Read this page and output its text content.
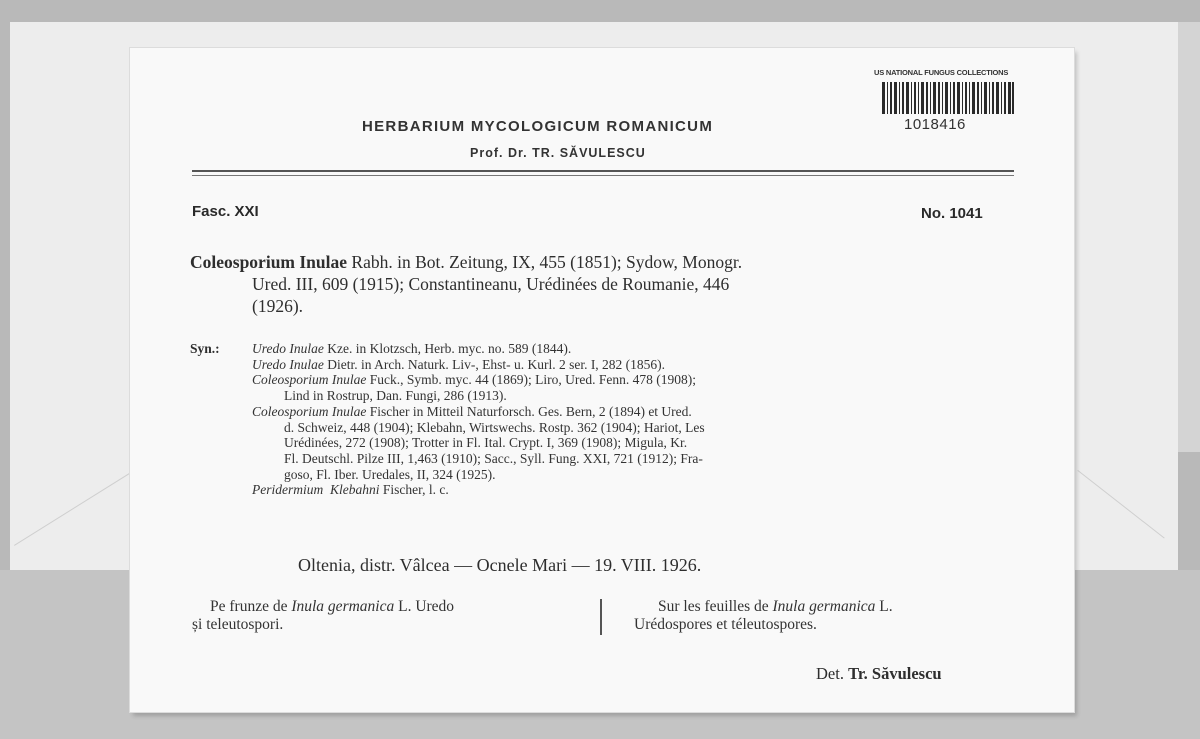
US NATIONAL FUNGUS COLLECTIONS
1018416
HERBARIUM MYCOLOGICUM ROMANICUM
Prof. Dr. TR. SĂVULESCU
Fasc. XXI	No. 1041
Coleosporium Inulae Rabh. in Bot. Zeitung, IX, 455 (1851); Sydow, Monogr.
Ured. III, 609 (1915); Constantineanu, Urédinées de Roumanie, 446
(1926).
Syn.: Uredo Inulae Kze. in Klotzsch, Herb. myc. no. 589 (1844).
Uredo Inulae Dietr. in Arch. Naturk. Liv-, Ehst- u. Kurl. 2 ser. I, 282 (1856).
Coleosporium Inulae Fuck., Symb. myc. 44 (1869); Liro, Ured. Fenn. 478 (1908);
Lind in Rostrup, Dan. Fungi, 286 (1913).
Coleosporium Inulae Fischer in Mitteil Naturforsch. Ges. Bern, 2 (1894) et Ured.
d. Schweiz, 448 (1904); Klebahn, Wirtswechs. Rostp. 362 (1904); Hariot, Les
Urédinées, 272 (1908); Trotter in Fl. Ital. Crypt. I, 369 (1908); Migula, Kr.
Fl. Deutschl. Pilze III, 1,463 (1910); Sacc., Syll. Fung. XXI, 721 (1912); Fra-
goso, Fl. Iber. Uredales, II, 324 (1925).
Peridermium Klebahni Fischer, l. c.
Oltenia, distr. Vâlcea — Ocnele Mari — 19. VIII. 1926.
Pe frunze de Inula germanica L. Uredo
și teleutospori.
Sur les feuilles de Inula germanica L.
Urédospores et téleutospores.
Det. Tr. Săvulescu
